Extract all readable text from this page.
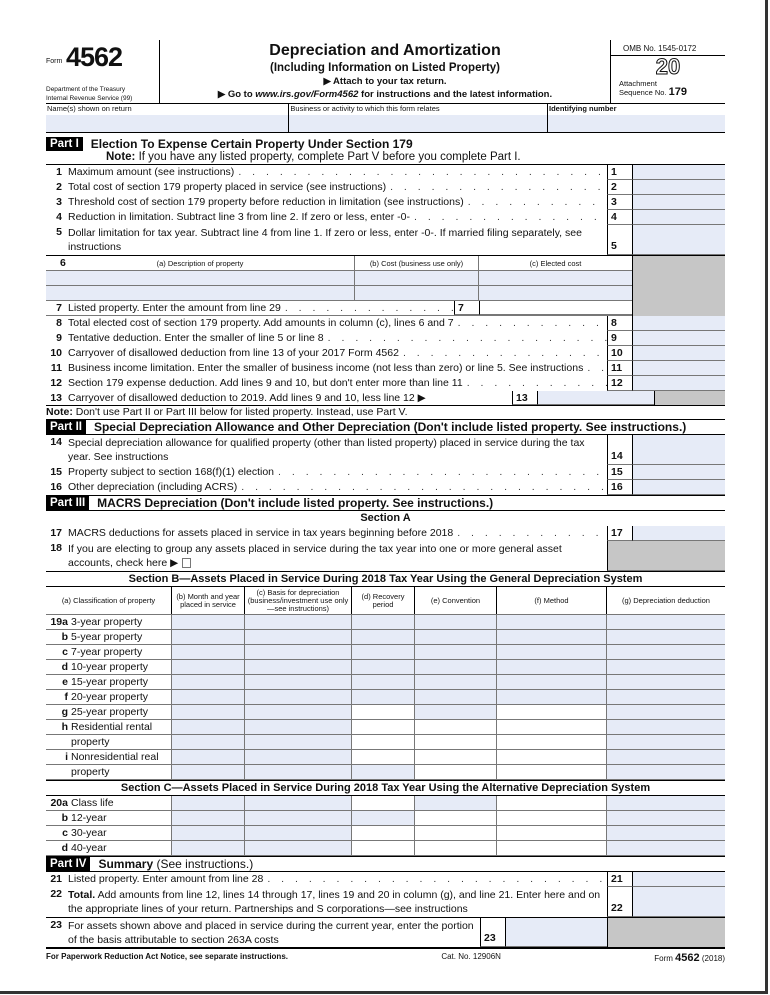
Form 4562
Department of the Treasury
Internal Revenue Service (99)
Depreciation and Amortization
(Including Information on Listed Property)
▶ Attach to your tax return.
▶ Go to www.irs.gov/Form4562 for instructions and the latest information.
OMB No. 1545-0172
20
Attachment
Sequence No. 179
Name(s) shown on return	Business or activity to which this form relates	Identifying number
Part I	Election To Expense Certain Property Under Section 179
Note: If you have any listed property, complete Part V before you complete Part I.
1 Maximum amount (see instructions) . . .	1
2 Total cost of section 179 property placed in service (see instructions) . . .	2
3 Threshold cost of section 179 property before reduction in limitation (see instructions) . . .	3
4 Reduction in limitation. Subtract line 3 from line 2. If zero or less, enter -0- . . .	4
5 Dollar limitation for tax year. Subtract line 4 from line 1. If zero or less, enter -0-. If married filing separately, see instructions	5
6	(a) Description of property	(b) Cost (business use only)	(c) Elected cost
7 Listed property. Enter the amount from line 29 . . .	7
8 Total elected cost of section 179 property. Add amounts in column (c), lines 6 and 7 . . .	8
9 Tentative deduction. Enter the smaller of line 5 or line 8 . . .	9
10 Carryover of disallowed deduction from line 13 of your 2017 Form 4562 . . .	10
11 Business income limitation. Enter the smaller of business income (not less than zero) or line 5. See instructions . . .	11
12 Section 179 expense deduction. Add lines 9 and 10, but don't enter more than line 11 . . .	12
13 Carryover of disallowed deduction to 2019. Add lines 9 and 10, less line 12 ▶	13
Note: Don't use Part II or Part III below for listed property. Instead, use Part V.
Part II	Special Depreciation Allowance and Other Depreciation (Don't include listed property. See instructions.)
14 Special depreciation allowance for qualified property (other than listed property) placed in service during the tax year. See instructions	14
15 Property subject to section 168(f)(1) election . . .	15
16 Other depreciation (including ACRS) . . .	16
Part III	MACRS Depreciation (Don't include listed property. See instructions.)
Section A
17 MACRS deductions for assets placed in service in tax years beginning before 2018 . . .	17
18 If you are electing to group any assets placed in service during the tax year into one or more general asset accounts, check here ▶
Section B—Assets Placed in Service During 2018 Tax Year Using the General Depreciation System
(a) Classification of property	(b) Month and year placed in service
(c) Basis for depreciation (business/investment use only—see instructions)
(d) Recovery period	(e) Convention	(f) Method	(g) Depreciation deduction
19a 3-year property
b 5-year property
c 7-year property
d 10-year property
e 15-year property
f 20-year property
g 25-year property
h Residential rental
property
i Nonresidential real
property
Section C—Assets Placed in Service During 2018 Tax Year Using the Alternative Depreciation System
20a Class life
b 12-year
c 30-year
d 40-year
Part IV	Summary
(See instructions.)
21 Listed property. Enter amount from line 28 . . .	21
22 Total. Add amounts from line 12, lines 14 through 17, lines 19 and 20 in column (g), and line 21. Enter here and on the appropriate lines of your return. Partnerships and S corporations—see instructions	22
23 For assets shown above and placed in service during the current year, enter the portion of the basis attributable to section 263A costs	23
For Paperwork Reduction Act Notice, see separate instructions.	Cat. No. 12906N	Form 4562 (2018)
